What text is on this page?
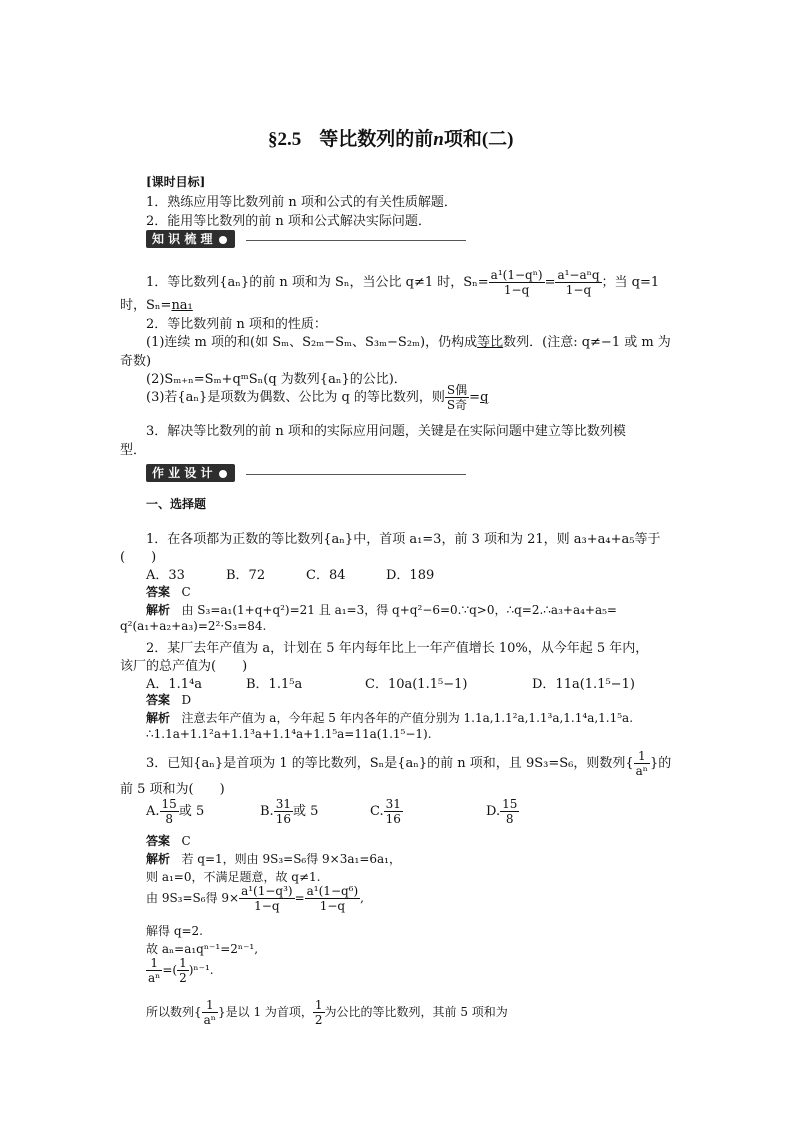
§2.5 等比数列的前n项和(二)
[课时目标]
1．熟练应用等比数列前 n 项和公式的有关性质解题．
2．能用等比数列的前 n 项和公式解决实际问题．
知 识 梳 理
1．等比数列{aₙ}的前 n 项和为 Sₙ，当公比 q≠1 时，$S_n= \frac{\text{a¹(1−qⁿ)}}{1-q} = \frac{\text{a¹−aⁿq}}{1-q}$ ；当 q=1
时，Sₙ=na₁
2．等比数列前 n 项和的性质：
(1)连续 m 项的和(如 Sₘ、S₂ₘ−Sₘ、S₃ₘ−S₂ₘ)，仍构成等比数列．(注意: q≠−1 或 m 为
奇数)
(2)Sₘ₊ₙ=Sₘ+qᵐSₙ(q 为数列{aₙ}的公比)．
(3)若{aₙ}是项数为偶数、公比为 q 的等比数列，则 $\frac{\text{S偶}}{\text{S奇}} =q$
3．解决等比数列的前 n 项和的实际应用问题，关键是在实际问题中建立等比数列模
型．
作 业 设 计
一、选择题
1．在各项都为正数的等比数列{aₙ}中，首项 a₁=3，前 3 项和为 21，则 a₃+a₄+a₅等于
(　　)
A．33	B．72	C．84	D．189
答案 C
解析 由 S₃=a₁(1+q+q²)=21 且 a₁=3，得 q+q²−6=0.∵q>0，∴q=2.∴a₃+a₄+a₅=
q²(a₁+a₂+a₃)=2²·S₃=84.
2．某厂去年产值为 a，计划在 5 年内每年比上一年产值增长 10%，从今年起 5 年内，
该厂的总产值为(　　)
A．1.1⁴a	B．1.1⁵a	C．10a(1.1⁵−1)	D．11a(1.1⁵−1)
答案 D
解析 注意去年产值为 a，今年起 5 年内各年的产值分别为 1.1a,1.1²a,1.1³a,1.1⁴a,1.1⁵a.
∴1.1a+1.1²a+1.1³a+1.1⁴a+1.1⁵a=11a(1.1⁵−1).
3．已知{aₙ}是首项为 1 的等比数列，Sₙ是{aₙ}的前 n 项和，且 9S₃=S₆，则数列{ $\frac{1}{\text{aⁿ}}$ }的
前 5 项和为(　　)
A. $\frac{15}{8}$ 或 5	B. $\frac{31}{16}$ 或 5	C. $\frac{31}{16}$	D. $\frac{15}{8}$
答案 C
解析 若 q=1，则由 9S₃=S₆得 9×3a₁=6a₁，
则 a₁=0，不满足题意，故 q≠1.
由 9S₃=S₆得 $9\times \frac{\text{a¹(1−q³)}}{1-q} = \frac{\text{a¹(1−q⁶)}}{1-q}$ ,
解得 q=2.
故 aₙ=a₁qⁿ⁻¹=2ⁿ⁻¹,
$\frac{1}{\text{aⁿ}}$ =( $\frac{1}{2} )^{n-1}$.
所以数列{ $\frac{1}{\text{aⁿ}}$ }是以 1 为首项， $\frac{1}{2}$ 为公比的等比数列，其前 5 项和为
